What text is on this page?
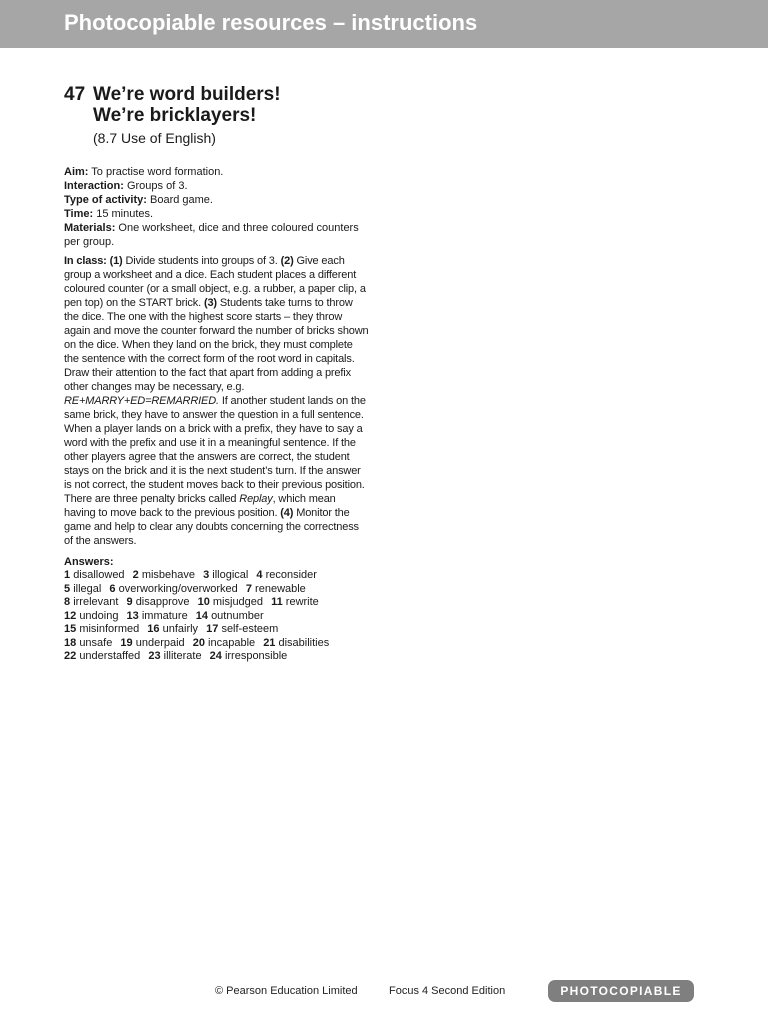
Photocopiable resources – instructions
47 We’re word builders!
We’re bricklayers!
(8.7 Use of English)
Aim: To practise word formation.
Interaction: Groups of 3.
Type of activity: Board game.
Time: 15 minutes.
Materials: One worksheet, dice and three coloured counters per group.
In class: (1) Divide students into groups of 3. (2) Give each group a worksheet and a dice. Each student places a different coloured counter (or a small object, e.g. a rubber, a paper clip, a pen top) on the START brick. (3) Students take turns to throw the dice. The one with the highest score starts – they throw again and move the counter forward the number of bricks shown on the dice. When they land on the brick, they must complete the sentence with the correct form of the root word in capitals. Draw their attention to the fact that apart from adding a prefix other changes may be necessary, e.g. RE+MARRY+ED=REMARRIED. If another student lands on the same brick, they have to answer the question in a full sentence. When a player lands on a brick with a prefix, they have to say a word with the prefix and use it in a meaningful sentence. If the other players agree that the answers are correct, the student stays on the brick and it is the next student’s turn. If the answer is not correct, the student moves back to their previous position. There are three penalty bricks called Replay, which mean having to move back to the previous position. (4) Monitor the game and help to clear any doubts concerning the correctness of the answers.
Answers:
1 disallowed 2 misbehave 3 illogical 4 reconsider
5 illegal 6 overworking/overworked 7 renewable
8 irrelevant 9 disapprove 10 misjudged 11 rewrite
12 undoing 13 immature 14 outnumber
15 misinformed 16 unfairly 17 self-esteem
18 unsafe 19 underpaid 20 incapable 21 disabilities
22 understaffed 23 illiterate 24 irresponsible
© Pearson Education Limited	Focus 4 Second Edition	PHOTOCOPIABLE
